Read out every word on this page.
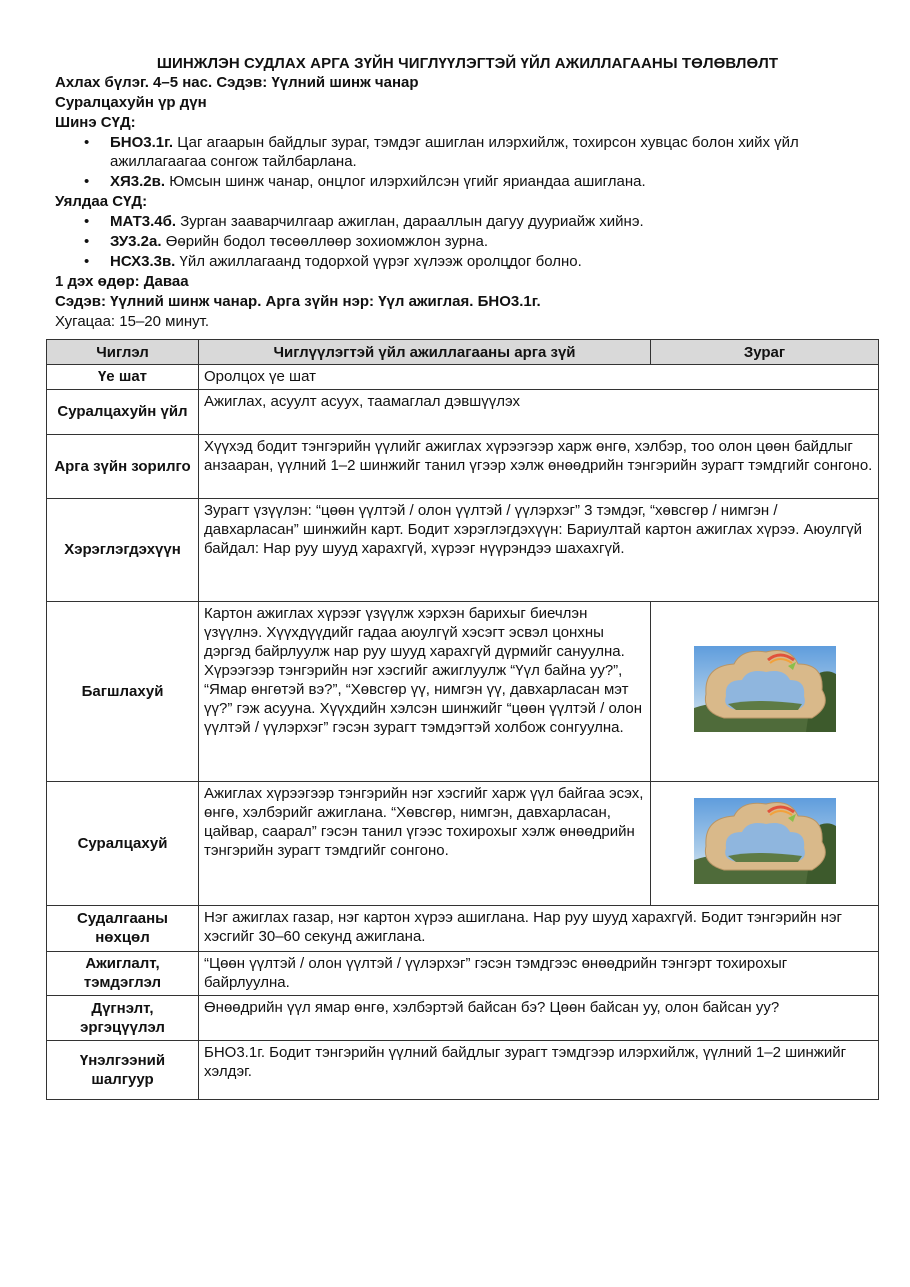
ШИНЖЛЭН СУДЛАХ АРГА ЗҮЙН ЧИГЛҮҮЛЭГТЭЙ ҮЙЛ АЖИЛЛАГААНЫ ТӨЛӨВЛӨЛТ

Ахлах бүлэг. 4–5 нас. Сэдэв: Үүлний шинж чанар

Суралцахуйн үр дүн

Шинэ СҮД:

• БНО3.1г. Цаг агаарын байдлыг зураг, тэмдэг ашиглан илэрхийлж, тохирсон хувцас болон хийх үйл ажиллагаагаа сонгож тайлбарлана.
• ХЯ3.2в. Юмсын шинж чанар, онцлог илэрхийлсэн үгийг яриандаа ашиглана.

Уялдаа СҮД:

• МАТ3.4б. Зурган зааварчилгаар ажиглан, дарааллын дагуу дууриайж хийнэ.
• ЗУ3.2а. Өөрийн бодол төсөөллөөр зохиомжлон зурна.
• НСХ3.3в. Үйл ажиллагаанд тодорхой үүрэг хүлээж оролцдог болно.

1 дэх өдөр: Даваа

Сэдэв: Үүлний шинж чанар. Арга зүйн нэр: Үүл ажиглая. БНО3.1г.

Хугацаа: 15–20 минут.

Чиглэл	Чиглүүлэгтэй үйл ажиллагааны арга зүй	Зураг
Үе шат	Оролцох үе шат	
Суралцахуйн үйл	Ажиглах, асуулт асуух, таамаглал дэвшүүлэх	
Арга зүйн зорилго	Хүүхэд бодит тэнгэрийн үүлийг ажиглах хүрээгээр харж өнгө, хэлбэр, тоо олон цөөн байдлыг анзааран, үүлний 1–2 шинжийг танил үгээр хэлж өнөөдрийн тэнгэрийн зурагт тэмдгийг сонгоно.	
Хэрэглэгдэхүүн	Зурагт үзүүлэн: “цөөн үүлтэй / олон үүлтэй / үүлэрхэг” 3 тэмдэг, “хөвсгөр / нимгэн / давхарласан” шинжийн карт. Бодит хэрэглэгдэхүүн: Бариултай картон ажиглах хүрээ. Аюулгүй байдал: Нар руу шууд харахгүй, хүрээг нүүрэндээ шахахгүй.	
Багшлахуй	Картон ажиглах хүрээг үзүүлж хэрхэн барихыг биечлэн үзүүлнэ. Хүүхдүүдийг гадаа аюулгүй хэсэгт эсвэл цонхны дэргэд байрлуулж нар руу шууд харахгүй дүрмийг сануулна. Хүрээгээр тэнгэрийн нэг хэсгийг ажиглуулж “Үүл байна уу?”, “Ямар өнгөтэй вэ?”, “Хөвсгөр үү, нимгэн үү, давхарласан мэт үү?” гэж асууна. Хүүхдийн хэлсэн шинжийг “цөөн үүлтэй / олон үүлтэй / үүлэрхэг” гэсэн зурагт тэмдэгтэй холбож сонгуулна.	
Суралцахуй	Ажиглах хүрээгээр тэнгэрийн нэг хэсгийг харж үүл байгаа эсэх, өнгө, хэлбэрийг ажиглана. “Хөвсгөр, нимгэн, давхарласан, цайвар, саарал” гэсэн танил үгээс тохирохыг хэлж өнөөдрийн тэнгэрийн зурагт тэмдгийг сонгоно.	
Судалгааны нөхцөл	Нэг ажиглах газар, нэг картон хүрээ ашиглана. Нар руу шууд харахгүй. Бодит тэнгэрийн нэг хэсгийг 30–60 секунд ажиглана.	
Ажиглалт, тэмдэглэл	“Цөөн үүлтэй / олон үүлтэй / үүлэрхэг” гэсэн тэмдгээс өнөөдрийн тэнгэрт тохирохыг байрлуулна.	
Дүгнэлт, эргэцүүлэл	Өнөөдрийн үүл ямар өнгө, хэлбэртэй байсан бэ? Цөөн байсан уу, олон байсан уу?	
Үнэлгээний шалгуур	БНО3.1г. Бодит тэнгэрийн үүлний байдлыг зурагт тэмдгээр илэрхийлж, үүлний 1–2 шинжийг хэлдэг.	
